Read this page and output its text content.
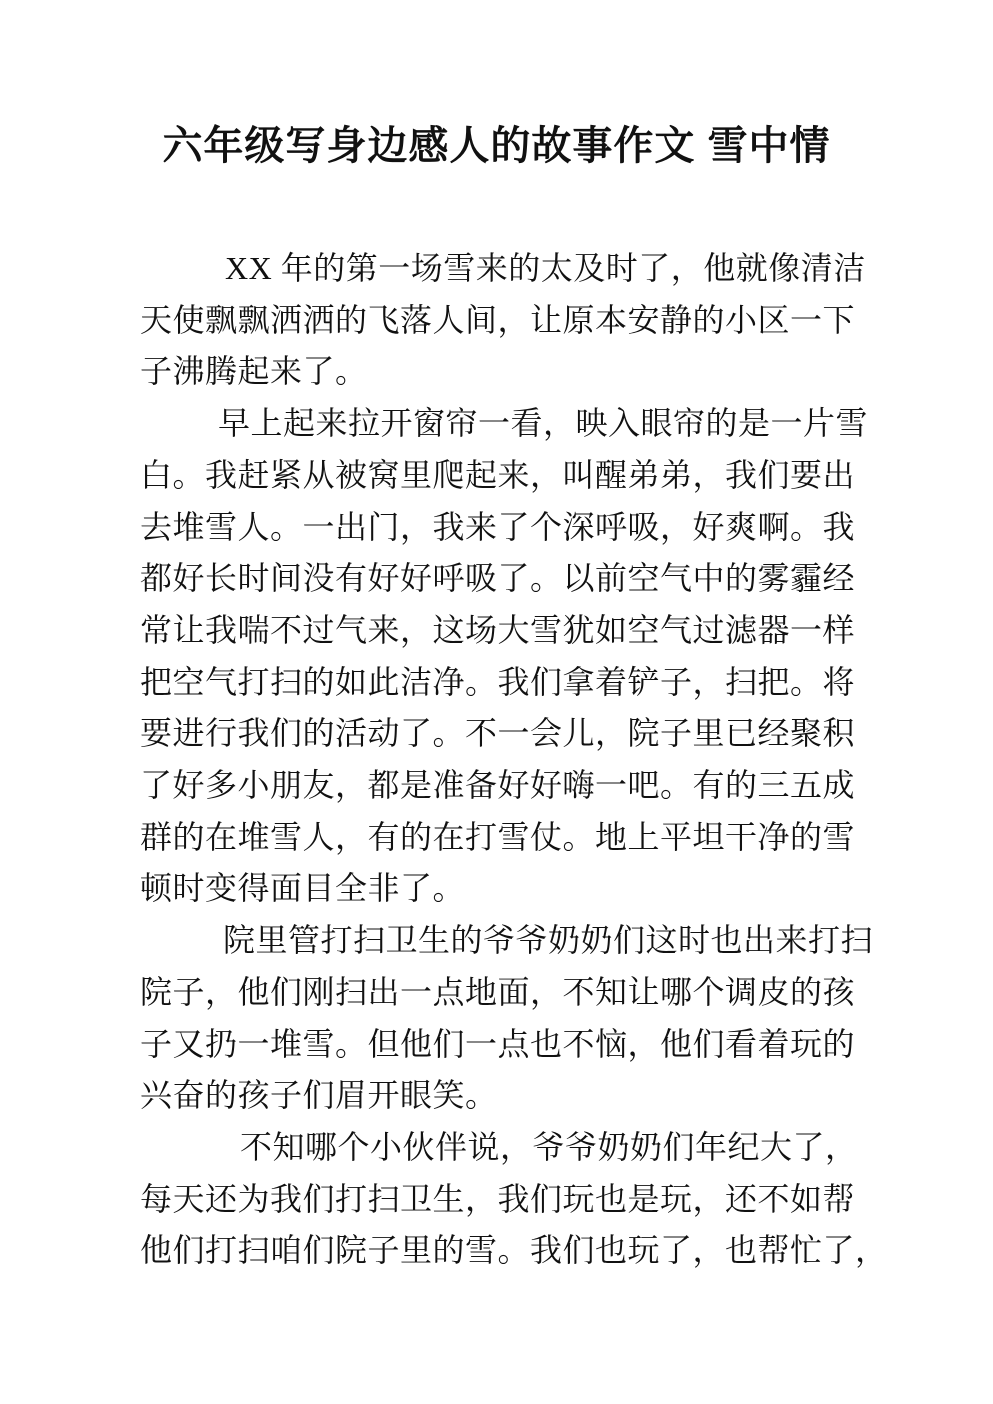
六年级写身边感人的故事作文 雪中情
XX 年的第一场雪来的太及时了，他就像清洁
天使飘飘洒洒的飞落人间，让原本安静的小区一下
子沸腾起来了。
早上起来拉开窗帘一看，映入眼帘的是一片雪
白。我赶紧从被窝里爬起来，叫醒弟弟，我们要出
去堆雪人。一出门，我来了个深呼吸，好爽啊。我
都好长时间没有好好呼吸了。以前空气中的雾霾经
常让我喘不过气来，这场大雪犹如空气过滤器一样
把空气打扫的如此洁净。我们拿着铲子，扫把。将
要进行我们的活动了。不一会儿，院子里已经聚积
了好多小朋友，都是准备好好嗨一吧。有的三五成
群的在堆雪人，有的在打雪仗。地上平坦干净的雪
顿时变得面目全非了。
院里管打扫卫生的爷爷奶奶们这时也出来打扫
院子，他们刚扫出一点地面，不知让哪个调皮的孩
子又扔一堆雪。但他们一点也不恼，他们看着玩的
兴奋的孩子们眉开眼笑。
不知哪个小伙伴说，爷爷奶奶们年纪大了，
每天还为我们打扫卫生，我们玩也是玩，还不如帮
他们打扫咱们院子里的雪。我们也玩了，也帮忙了，
